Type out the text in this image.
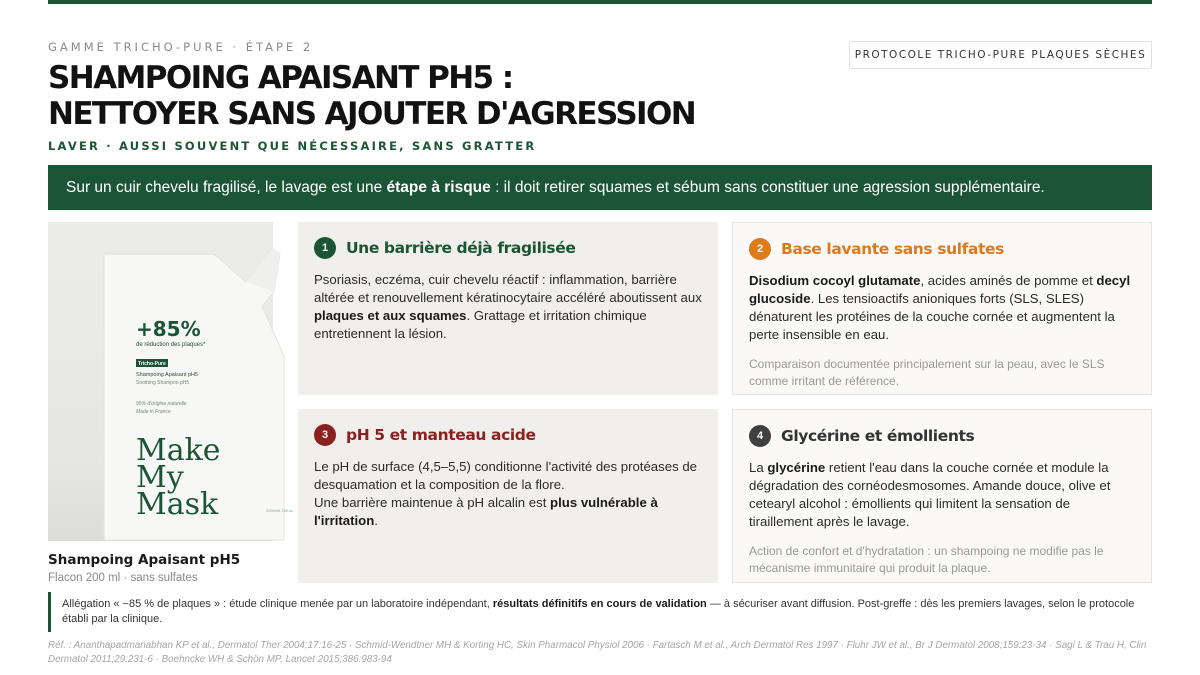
GAMME TRICHO-PURE · ÉTAPE 2
SHAMPOING APAISANT PH5 :
NETTOYER SANS AJOUTER D'AGRESSION
LAVER · AUSSI SOUVENT QUE NÉCESSAIRE, SANS GRATTER
PROTOCOLE TRICHO-PURE PLAQUES SÈCHES
Sur un cuir chevelu fragilisé, le lavage est une étape à risque : il doit retirer squames et sébum sans constituer une agression supplémentaire.
+85%
de réduction des plaques*
Tricho-Pure
Shampoing Apaisant pH5
Soothing Shampoo pH5
95% d'origine naturelle
Made in France
Make
My
Mask	200ml/6.76fl.oz
Shampoing Apaisant pH5
Flacon 200 ml · sans sulfates
1	Une barrière déjà fragilisée
Psoriasis, eczéma, cuir chevelu réactif : inflammation, barrière altérée et renouvellement kératinocytaire accéléré aboutissent aux plaques et aux squames. Grattage et irritation chimique entretiennent la lésion.
2	Base lavante sans sulfates
Disodium cocoyl glutamate, acides aminés de pomme et decyl glucoside. Les tensioactifs anioniques forts (SLS, SLES) dénaturent les protéines de la couche cornée et augmentent la perte insensible en eau.
Comparaison documentée principalement sur la peau, avec le SLS comme irritant de référence.
3	pH 5 et manteau acide
Le pH de surface (4,5–5,5) conditionne l'activité des protéases de desquamation et la composition de la flore.
Une barrière maintenue à pH alcalin est plus vulnérable à l'irritation.
4	Glycérine et émollients
La glycérine retient l'eau dans la couche cornée et module la dégradation des cornéodesmosomes. Amande douce, olive et cetearyl alcohol : émollients qui limitent la sensation de tiraillement après le lavage.
Action de confort et d'hydratation : un shampoing ne modifie pas le mécanisme immunitaire qui produit la plaque.
Allégation « −85 % de plaques » : étude clinique menée par un laboratoire indépendant, résultats définitifs en cours de validation — à sécuriser avant diffusion. Post-greffe : dès les premiers lavages, selon le protocole établi par la clinique.
Réf. : Ananthapadmanabhan KP et al., Dermatol Ther 2004;17:16-25 · Schmid-Wendtner MH & Korting HC, Skin Pharmacol Physiol 2006 · Fartasch M et al., Arch Dermatol Res 1997 · Fluhr JW et al., Br J Dermatol 2008;159:23-34 · Sagi L & Trau H, Clin Dermatol 2011;29:231-6 · Boehncke WH & Schön MP, Lancet 2015;386:983-94
